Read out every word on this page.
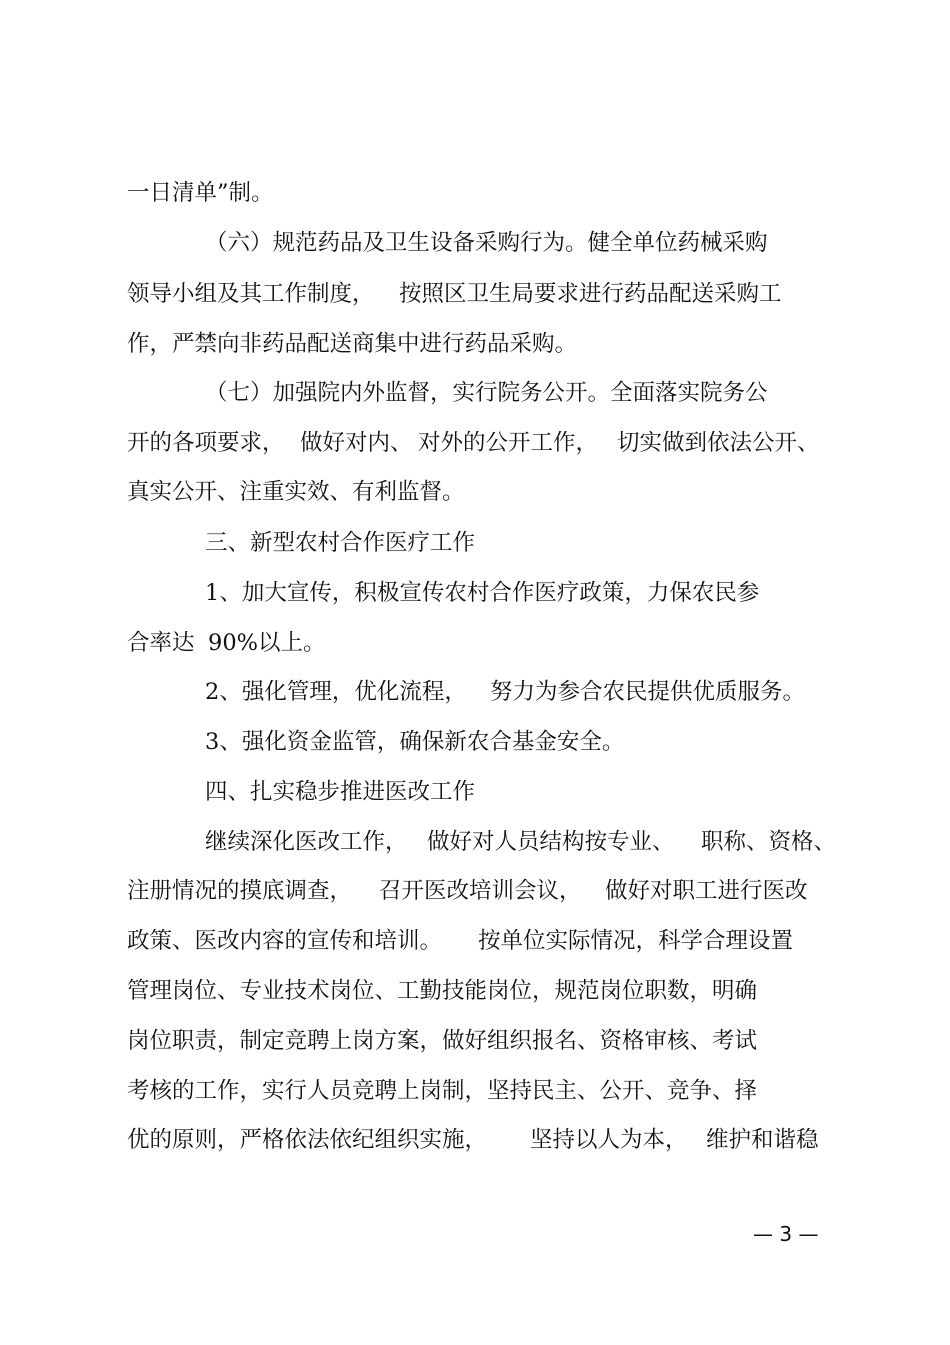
一日清单”制。
（六）规范药品及卫生设备采购行为。健全单位药械采购
领导小组及其工作制度， 按照区卫生局要求进行药品配送采购工
作，严禁向非药品配送商集中进行药品采购。
（七）加强院内外监督，实行院务公开。全面落实院务公
开的各项要求， 做好对内、 对外的公开工作， 切实做到依法公开、
真实公开、注重实效、有利监督。
三、新型农村合作医疗工作
1、加大宣传，积极宣传农村合作医疗政策，力保农民参
合率达 90%以上。
2、强化管理，优化流程， 努力为参合农民提供优质服务。
3、强化资金监管，确保新农合基金安全。
四、扎实稳步推进医改工作
继续深化医改工作， 做好对人员结构按专业、 职称、资格、
注册情况的摸底调查， 召开医改培训会议， 做好对职工进行医改
政策、医改内容的宣传和培训。 按单位实际情况，科学合理设置
管理岗位、专业技术岗位、工勤技能岗位，规范岗位职数，明确
岗位职责，制定竞聘上岗方案，做好组织报名、资格审核、考试
考核的工作，实行人员竞聘上岗制，坚持民主、公开、竞争、择
优的原则，严格依法依纪组织实施， 坚持以人为本， 维护和谐稳
— 3 —
